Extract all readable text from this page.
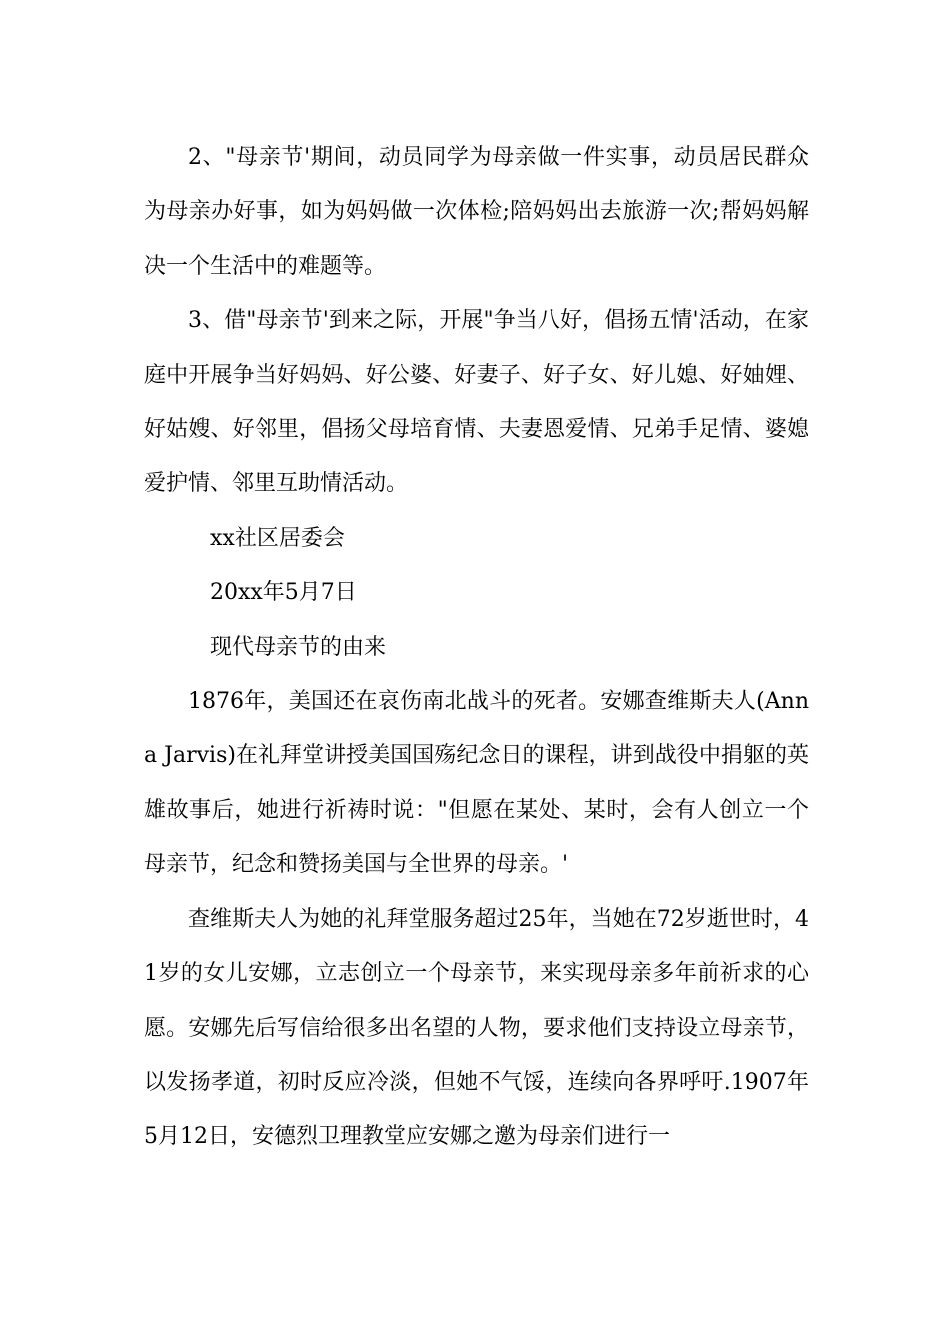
2、"母亲节'期间，动员同学为母亲做一件实事，动员居民群众为母亲办好事，如为妈妈做一次体检;陪妈妈出去旅游一次;帮妈妈解决一个生活中的难题等。

3、借"母亲节'到来之际，开展"争当八好，倡扬五情'活动，在家庭中开展争当好妈妈、好公婆、好妻子、好子女、好儿媳、好妯娌、好姑嫂、好邻里，倡扬父母培育情、夫妻恩爱情、兄弟手足情、婆媳爱护情、邻里互助情活动。

xx社区居委会

20xx年5月7日

现代母亲节的由来

1876年，美国还在哀伤南北战斗的死者。安娜查维斯夫人(Anna Jarvis)在礼拜堂讲授美国国殇纪念日的课程，讲到战役中捐躯的英雄故事后，她进行祈祷时说："但愿在某处、某时，会有人创立一个母亲节，纪念和赞扬美国与全世界的母亲。'

查维斯夫人为她的礼拜堂服务超过25年，当她在72岁逝世时，41岁的女儿安娜，立志创立一个母亲节，来实现母亲多年前祈求的心愿。安娜先后写信给很多出名望的人物，要求他们支持设立母亲节，以发扬孝道，初时反应冷淡，但她不气馁，连续向各界呼吁.1907年5月12日，安德烈卫理教堂应安娜之邀为母亲们进行一
